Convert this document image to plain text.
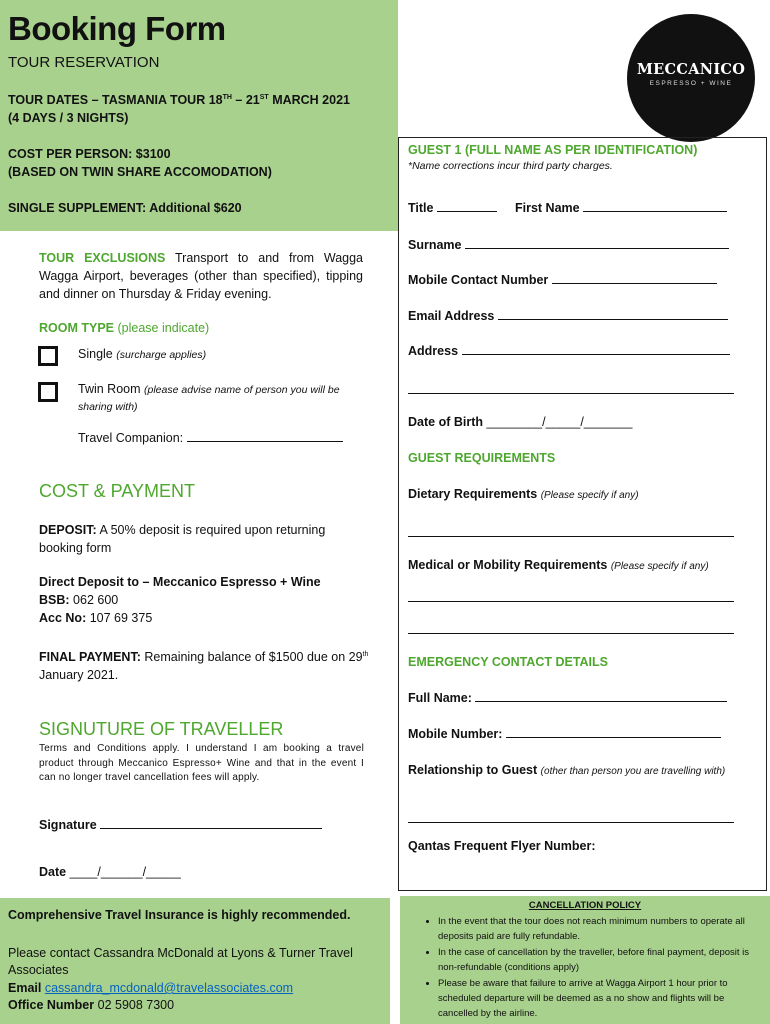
Booking Form
TOUR RESERVATION
TOUR DATES – TASMANIA TOUR 18TH – 21ST MARCH 2021
(4 DAYS / 3 NIGHTS)
COST PER PERSON: $3100
(BASED ON TWIN SHARE ACCOMODATION)
SINGLE SUPPLEMENT: Additional $620
MECCANICO
ESPRESSO + WINE
TOUR EXCLUSIONS Transport to and from Wagga Wagga Airport, beverages (other than specified), tipping and dinner on Thursday & Friday evening.
ROOM TYPE (please indicate)
Single (surcharge applies)
Twin Room (please advise name of person you will be sharing with)
Travel Companion:
COST & PAYMENT
DEPOSIT: A 50% deposit is required upon returning booking form
Direct Deposit to – Meccanico Espresso + Wine
BSB: 062 600
Acc No: 107 69 375
FINAL PAYMENT: Remaining balance of $1500 due on 29th January 2021.
SIGNUTURE OF TRAVELLER
Terms and Conditions apply. I understand I am booking a travel product through Meccanico Espresso+ Wine and that in the event I can no longer travel cancellation fees will apply.
Signature
Date ____/______/_____
Comprehensive Travel Insurance is highly recommended.
Please contact Cassandra McDonald at Lyons & Turner Travel Associates
Email cassandra_mcdonald@travelassociates.com
Office Number 02 5908 7300
GUEST 1 (FULL NAME AS PER IDENTIFICATION)
*Name corrections incur third party charges.
Title	First Name
Surname
Mobile Contact Number
Email Address
Address
Date of Birth ________/_____/_______
GUEST REQUIREMENTS
Dietary Requirements (Please specify if any)
Medical or Mobility Requirements (Please specify if any)
EMERGENCY CONTACT DETAILS
Full Name:
Mobile Number:
Relationship to Guest (other than person you are travelling with)
Qantas Frequent Flyer Number:
CANCELLATION POLICY
• In the event that the tour does not reach minimum numbers to operate all deposits paid are fully refundable.
• In the case of cancellation by the traveller, before final payment, deposit is non-refundable (conditions apply)
• Please be aware that failure to arrive at Wagga Airport 1 hour prior to scheduled departure will be deemed as a no show and flights will be cancelled by the airline.
